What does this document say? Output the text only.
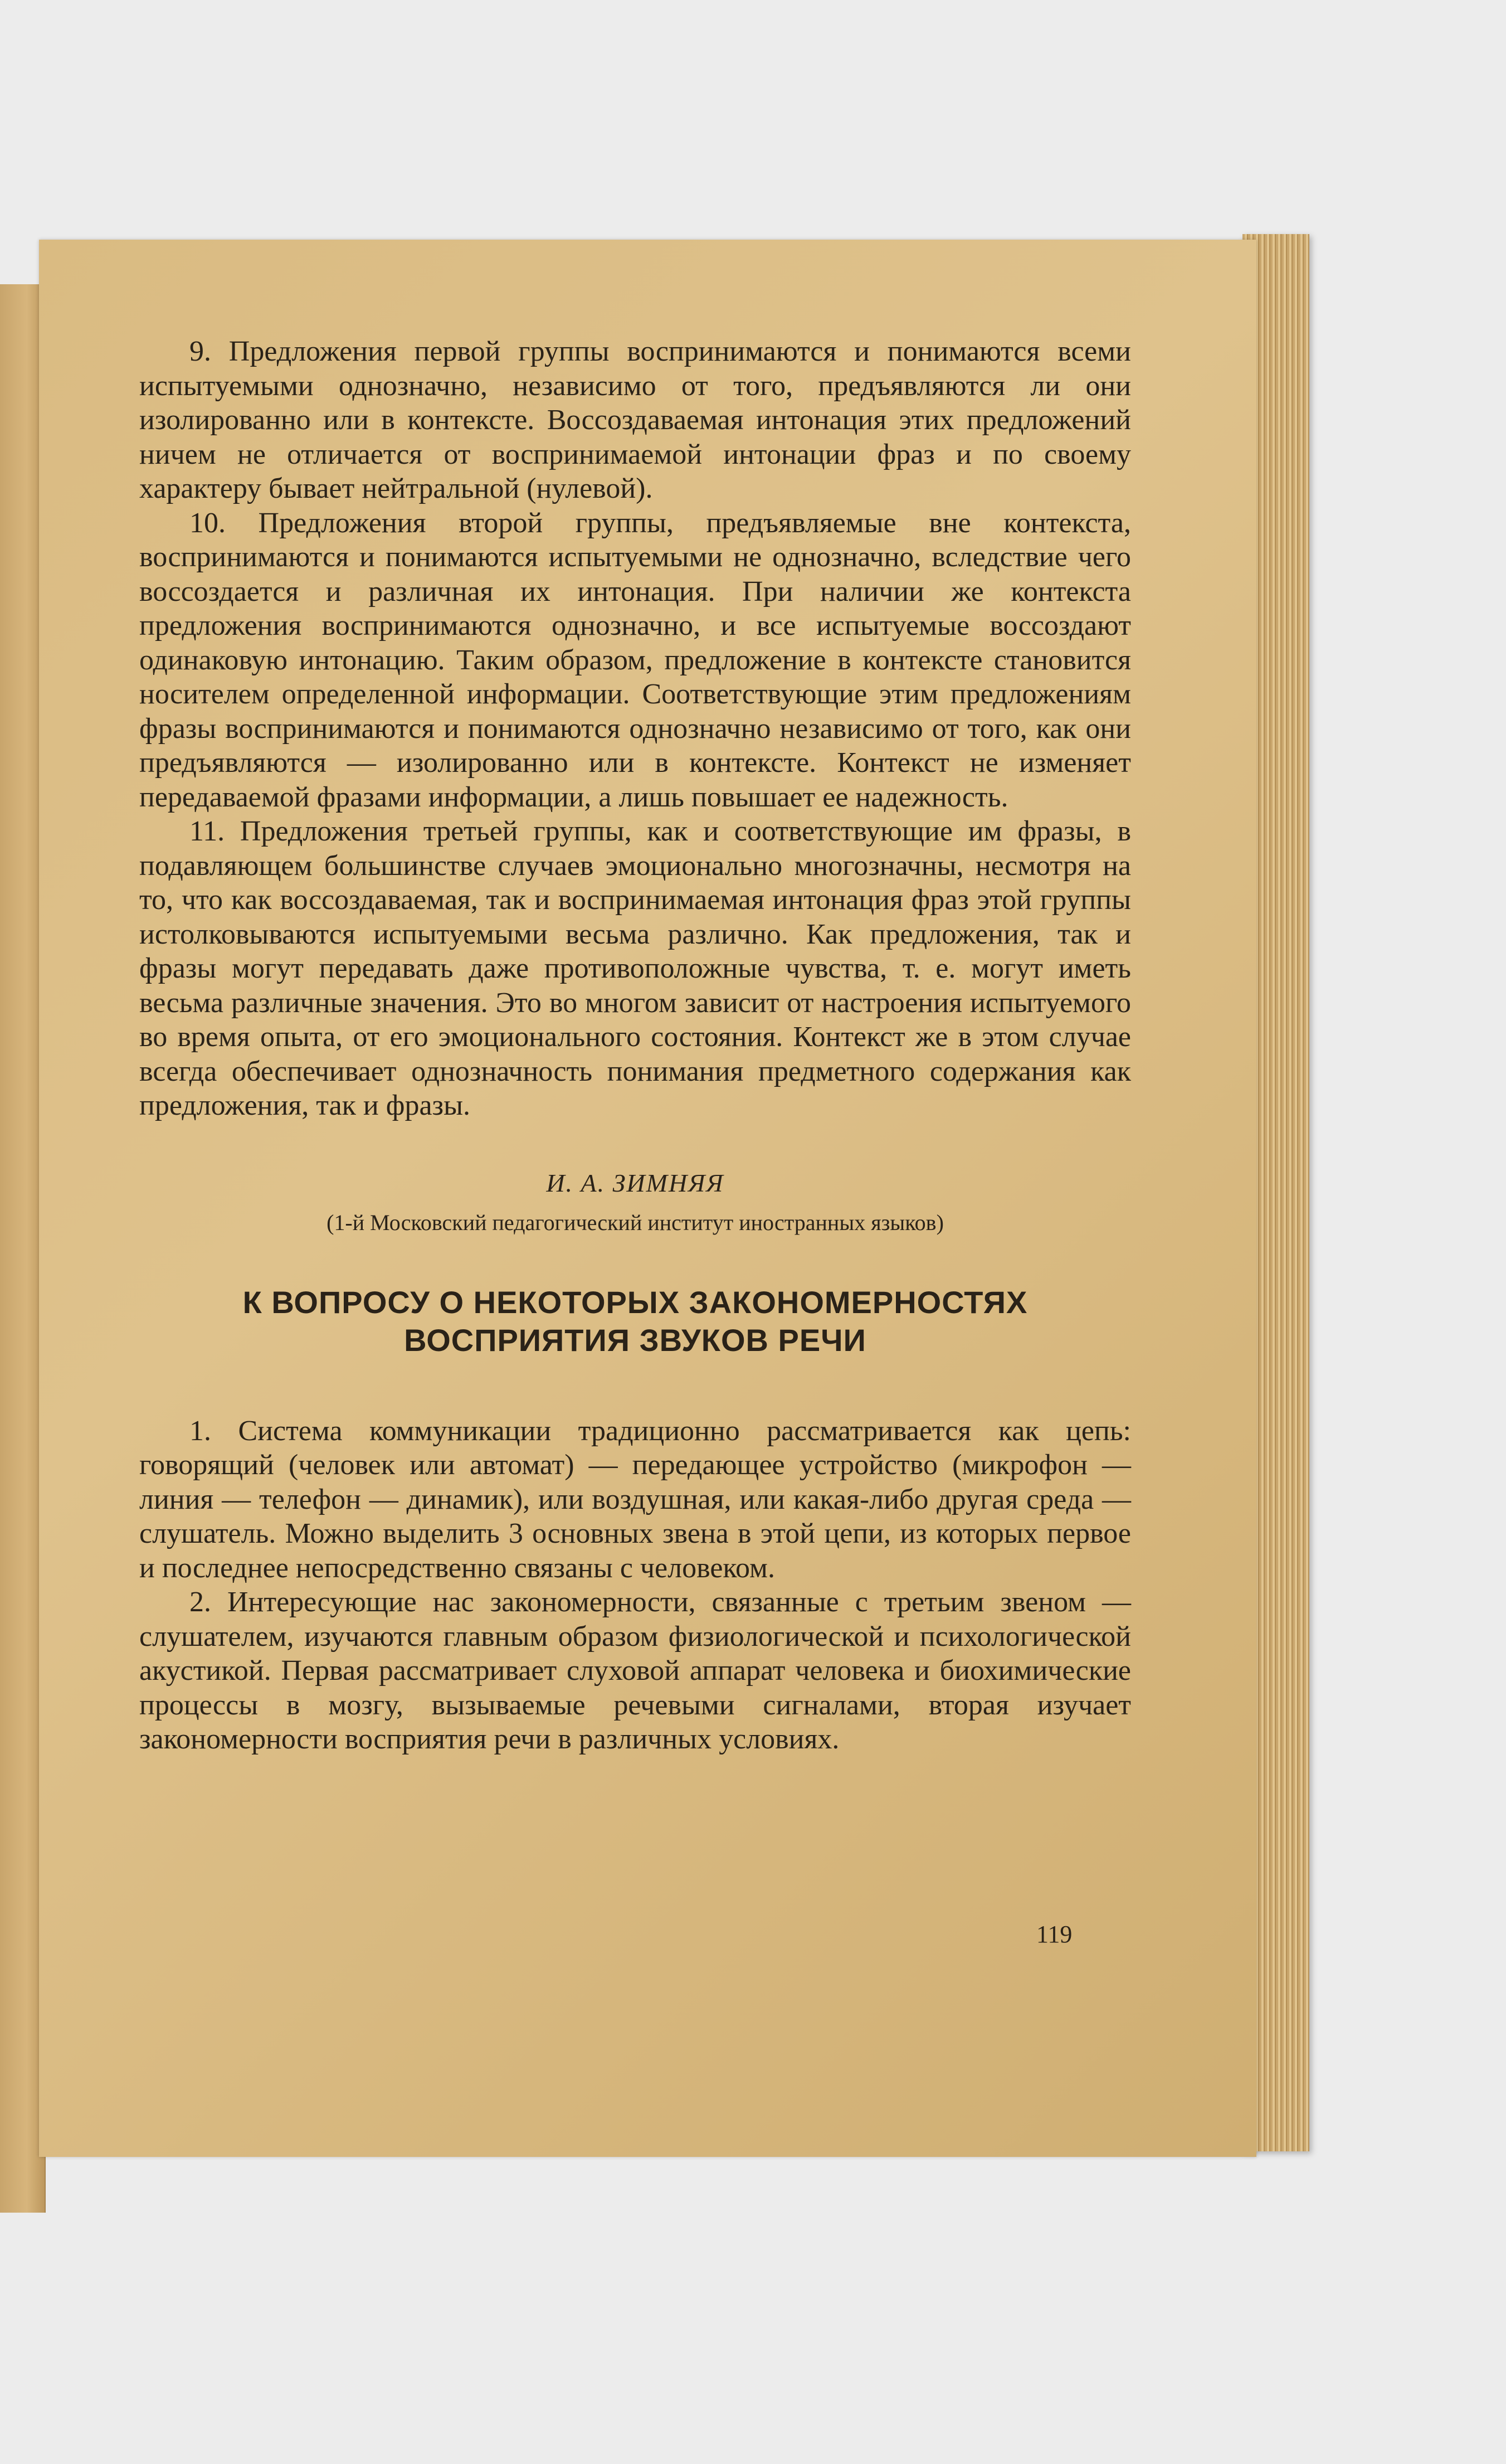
9. Предложения первой группы воспринимаются и понимаются всеми испытуемыми однозначно, независимо от того, предъявляются ли они изолированно или в контексте. Воссоздаваемая интонация этих предложений ничем не отличается от воспринимаемой интонации фраз и по своему характеру бывает нейтральной (нулевой).

10. Предложения второй группы, предъявляемые вне контекста, воспринимаются и понимаются испытуемыми не однозначно, вследствие чего воссоздается и различная их интонация. При наличии же контекста предложения воспринимаются однозначно, и все испытуемые воссоздают одинаковую интонацию. Таким образом, предложение в контексте становится носителем определенной информации. Соответствующие этим предложениям фразы воспринимаются и понимаются однозначно независимо от того, как они предъявляются — изолированно или в контексте. Контекст не изменяет передаваемой фразами информации, а лишь повышает ее надежность.

11. Предложения третьей группы, как и соответствующие им фразы, в подавляющем большинстве случаев эмоционально многозначны, несмотря на то, что как воссоздаваемая, так и воспринимаемая интонация фраз этой группы истолковываются испытуемыми весьма различно. Как предложения, так и фразы могут передавать даже противоположные чувства, т. е. могут иметь весьма различные значения. Это во многом зависит от настроения испытуемого во время опыта, от его эмоционального состояния. Контекст же в этом случае всегда обеспечивает однозначность понимания предметного содержания как предложения, так и фразы.

И. А. ЗИМНЯЯ

(1-й Московский педагогический институт иностранных языков)

К ВОПРОСУ О НЕКОТОРЫХ ЗАКОНОМЕРНОСТЯХ
ВОСПРИЯТИЯ ЗВУКОВ РЕЧИ

1. Система коммуникации традиционно рассматривается как цепь: говорящий (человек или автомат) — передающее устройство (микрофон — линия — телефон — динамик), или воздушная, или какая-либо другая среда — слушатель. Можно выделить 3 основных звена в этой цепи, из которых первое и последнее непосредственно связаны с человеком.

2. Интересующие нас закономерности, связанные с третьим звеном — слушателем, изучаются главным образом физиологической и психологической акустикой. Первая рассматривает слуховой аппарат человека и биохимические процессы в мозгу, вызываемые речевыми сигналами, вторая изучает закономерности восприятия речи в различных условиях.

119
